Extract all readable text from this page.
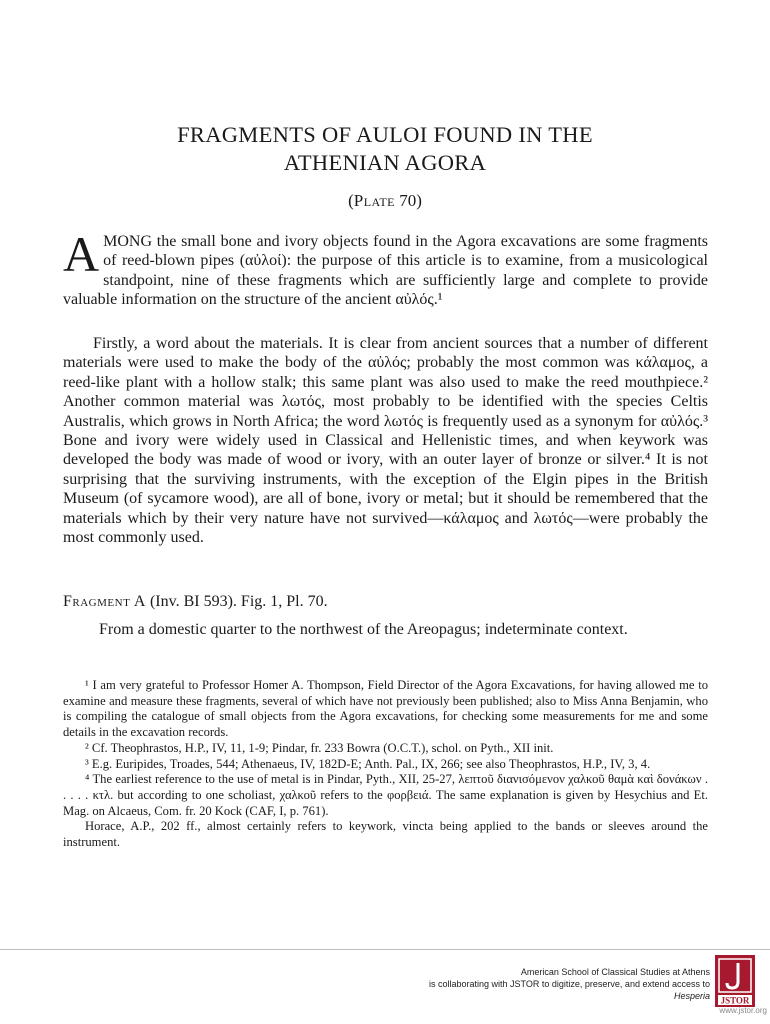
FRAGMENTS OF AULOI FOUND IN THE
ATHENIAN AGORA
(Plate 70)

AMONG the small bone and ivory objects found in the Agora excavations are some fragments of reed-blown pipes (αὐλοί): the purpose of this article is to examine, from a musicological standpoint, nine of these fragments which are sufficiently large and complete to provide valuable information on the structure of the ancient αὐλός.¹

Firstly, a word about the materials. It is clear from ancient sources that a number of different materials were used to make the body of the αὐλός; probably the most common was κάλαμος, a reed-like plant with a hollow stalk; this same plant was also used to make the reed mouthpiece.² Another common material was λωτός, most probably to be identified with the species Celtis Australis, which grows in North Africa; the word λωτός is frequently used as a synonym for αὐλός.³ Bone and ivory were widely used in Classical and Hellenistic times, and when keywork was developed the body was made of wood or ivory, with an outer layer of bronze or silver.⁴ It is not surprising that the surviving instruments, with the exception of the Elgin pipes in the British Museum (of sycamore wood), are all of bone, ivory or metal; but it should be remembered that the materials which by their very nature have not survived—κάλαμος and λωτός—were probably the most commonly used.

Fragment A (Inv. BI 593). Fig. 1, Pl. 70.

From a domestic quarter to the northwest of the Areopagus; indeterminate context.

¹ I am very grateful to Professor Homer A. Thompson, Field Director of the Agora Excavations, for having allowed me to examine and measure these fragments, several of which have not previously been published; also to Miss Anna Benjamin, who is compiling the catalogue of small objects from the Agora excavations, for checking some measurements for me and some details in the excavation records.

² Cf. Theophrastos, H.P., IV, 11, 1-9; Pindar, fr. 233 Bowra (O.C.T.), schol. on Pyth., XII init.

³ E.g. Euripides, Troades, 544; Athenaeus, IV, 182D-E; Anth. Pal., IX, 266; see also Theophrastos, H.P., IV, 3, 4.

⁴ The earliest reference to the use of metal is in Pindar, Pyth., XII, 25-27, λεπτοῦ διανισόμενον χαλκοῦ θαμὰ καὶ δονάκων . . . . . κτλ. but according to one scholiast, χαλκοῦ refers to the φορβειά. The same explanation is given by Hesychius and Et. Mag. on Alcaeus, Com. fr. 20 Kock (CAF, I, p. 761).

Horace, A.P., 202 ff., almost certainly refers to keywork, vincta being applied to the bands or sleeves around the instrument.

American School of Classical Studies at Athens
is collaborating with JSTOR to digitize, preserve, and extend access to
Hesperia JSTOR
www.jstor.org
